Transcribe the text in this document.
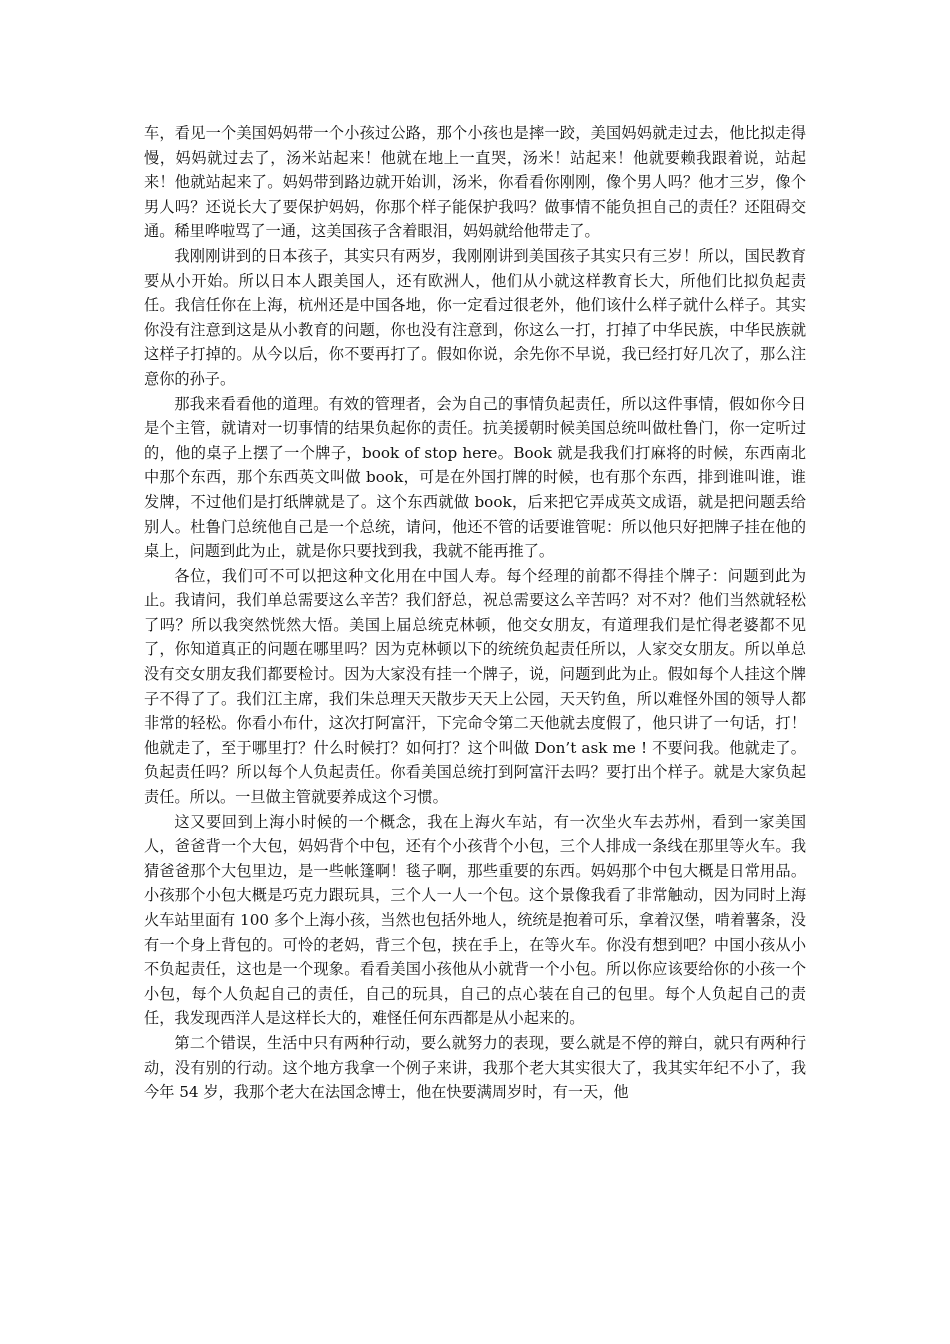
车，看见一个美国妈妈带一个小孩过公路，那个小孩也是摔一跤，美国妈妈就走过去，他比拟走得慢，妈妈就过去了，汤米站起来！他就在地上一直哭，汤米！站起来！他就要赖我跟着说，站起来！他就站起来了。妈妈带到路边就开始训，汤米，你看看你刚刚，像个男人吗？他才三岁，像个男人吗？还说长大了要保护妈妈，你那个样子能保护我吗？做事情不能负担自己的责任？还阻碍交通。稀里哗啦骂了一通，这美国孩子含着眼泪，妈妈就给他带走了。

我刚刚讲到的日本孩子，其实只有两岁，我刚刚讲到美国孩子其实只有三岁！所以，国民教育要从小开始。所以日本人跟美国人，还有欧洲人，他们从小就这样教育长大，所他们比拟负起责任。我信任你在上海，杭州还是中国各地，你一定看过很老外，他们该什么样子就什么样子。其实你没有注意到这是从小教育的问题，你也没有注意到，你这么一打，打掉了中华民族，中华民族就这样子打掉的。从今以后，你不要再打了。假如你说，余先你不早说，我已经打好几次了，那么注意你的孙子。

那我来看看他的道理。有效的管理者，会为自己的事情负起责任，所以这件事情，假如你今日是个主管，就请对一切事情的结果负起你的责任。抗美援朝时候美国总统叫做杜鲁门，你一定听过的，他的桌子上摆了一个牌子，book of stop here。Book 就是我我们打麻将的时候，东西南北中那个东西，那个东西英文叫做 book，可是在外国打牌的时候，也有那个东西，排到谁叫谁，谁发牌，不过他们是打纸牌就是了。这个东西就做 book，后来把它弄成英文成语，就是把问题丢给别人。杜鲁门总统他自己是一个总统，请问，他还不管的话要谁管呢：所以他只好把牌子挂在他的桌上，问题到此为止，就是你只要找到我，我就不能再推了。

各位，我们可不可以把这种文化用在中国人寿。每个经理的前都不得挂个牌子：问题到此为止。我请问，我们单总需要这么辛苦？我们舒总，祝总需要这么辛苦吗？对不对？他们当然就轻松了吗？所以我突然恍然大悟。美国上届总统克林顿，他交女朋友，有道理我们是忙得老婆都不见了，你知道真正的问题在哪里吗？因为克林顿以下的统统负起责任所以，人家交女朋友。所以单总没有交女朋友我们都要检讨。因为大家没有挂一个牌子，说，问题到此为止。假如每个人挂这个牌子不得了了。我们江主席，我们朱总理天天散步天天上公园，天天钓鱼，所以难怪外国的领导人都非常的轻松。你看小布什，这次打阿富汗，下完命令第二天他就去度假了，他只讲了一句话，打！他就走了，至于哪里打？什么时候打？如何打？这个叫做 Don’t ask me ! 不要问我。他就走了。负起责任吗？所以每个人负起责任。你看美国总统打到阿富汗去吗？要打出个样子。就是大家负起责任。所以。一旦做主管就要养成这个习惯。

这又要回到上海小时候的一个概念，我在上海火车站，有一次坐火车去苏州，看到一家美国人，爸爸背一个大包，妈妈背个中包，还有个小孩背个小包，三个人排成一条线在那里等火车。我猜爸爸那个大包里边，是一些帐篷啊！毯子啊，那些重要的东西。妈妈那个中包大概是日常用品。小孩那个小包大概是巧克力跟玩具，三个人一人一个包。这个景像我看了非常触动，因为同时上海火车站里面有 100 多个上海小孩，当然也包括外地人，统统是抱着可乐，拿着汉堡，啃着薯条，没有一个身上背包的。可怜的老妈，背三个包，挟在手上，在等火车。你没有想到吧？中国小孩从小不负起责任，这也是一个现象。看看美国小孩他从小就背一个小包。所以你应该要给你的小孩一个小包，每个人负起自己的责任，自己的玩具，自己的点心装在自己的包里。每个人负起自己的责任，我发现西洋人是这样长大的，难怪任何东西都是从小起来的。

第二个错误，生活中只有两种行动，要么就努力的表现，要么就是不停的辩白，就只有两种行动，没有别的行动。这个地方我拿一个例子来讲，我那个老大其实很大了，我其实年纪不小了，我今年 54 岁，我那个老大在法国念博士，他在快要满周岁时，有一天，他
